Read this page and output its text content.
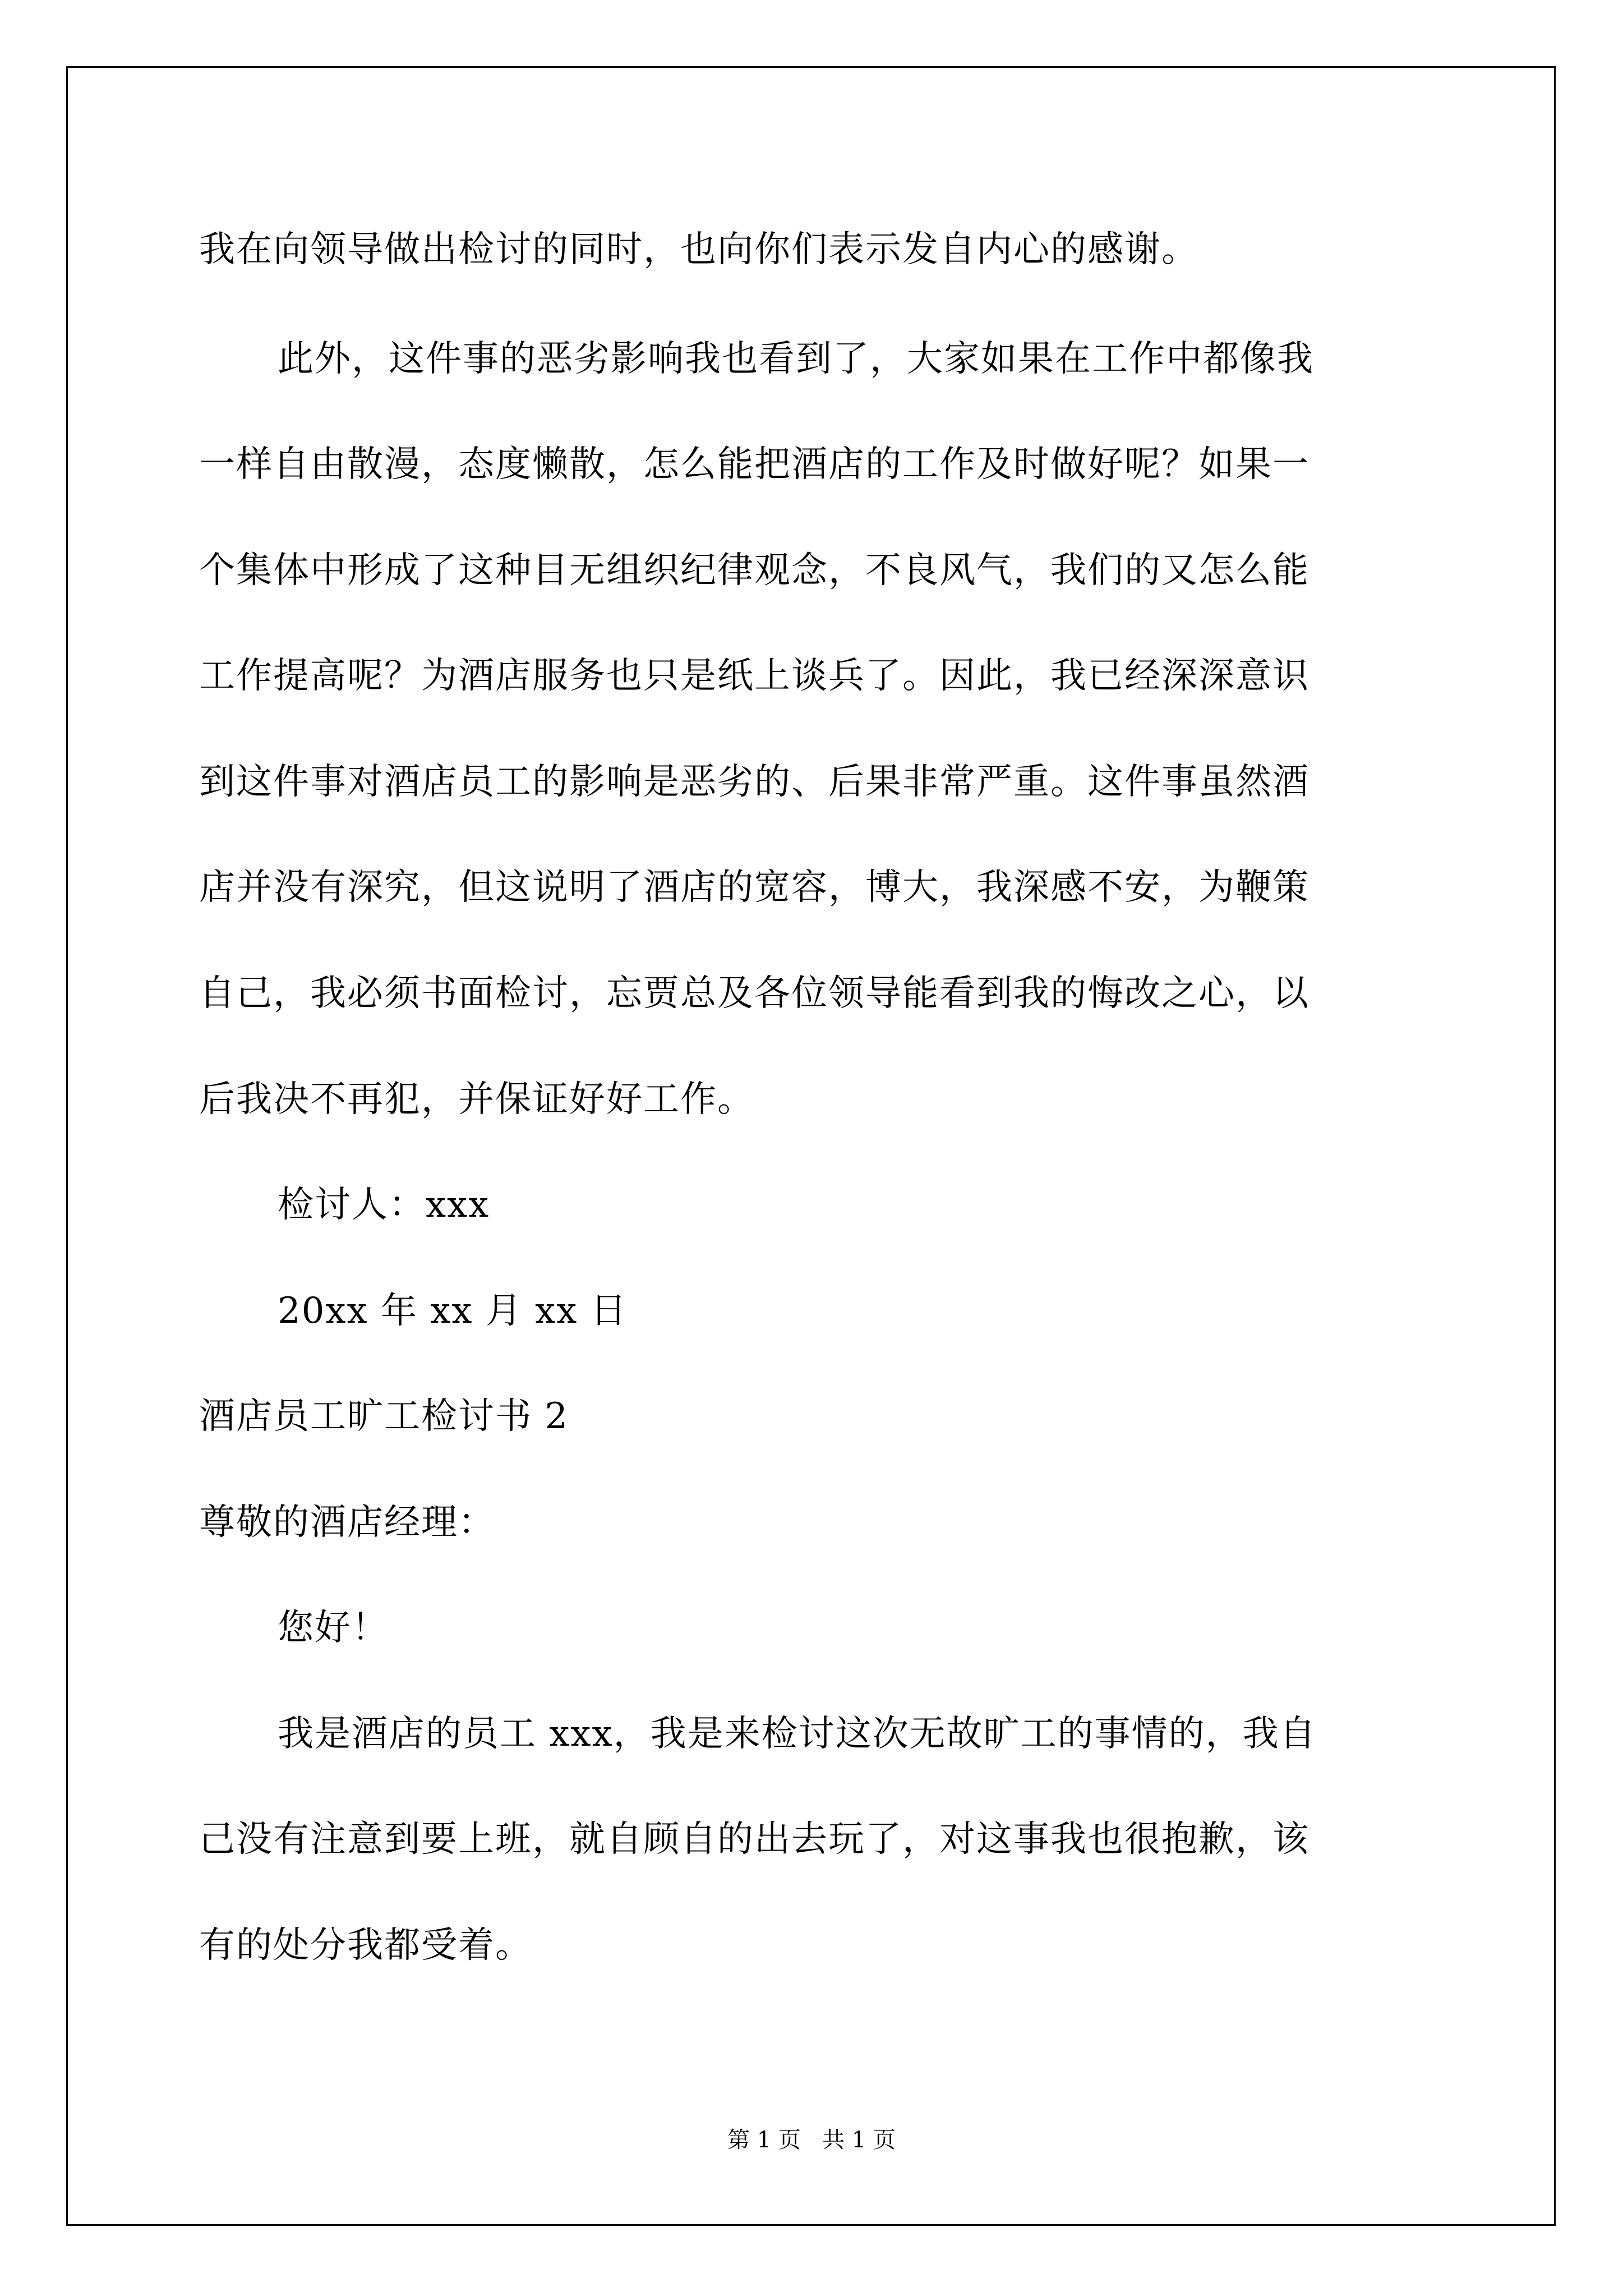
我在向领导做出检讨的同时，也向你们表示发自内心的感谢。
此外，这件事的恶劣影响我也看到了，大家如果在工作中都像我
一样自由散漫，态度懒散，怎么能把酒店的工作及时做好呢？如果一
个集体中形成了这种目无组织纪律观念，不良风气，我们的又怎么能
工作提高呢？为酒店服务也只是纸上谈兵了。因此，我已经深深意识
到这件事对酒店员工的影响是恶劣的、后果非常严重。这件事虽然酒
店并没有深究，但这说明了酒店的宽容，博大，我深感不安，为鞭策
自己，我必须书面检讨，忘贾总及各位领导能看到我的悔改之心，以
后我决不再犯，并保证好好工作。
检讨人：xxx
20xx 年 xx 月 xx 日
酒店员工旷工检讨书 2
尊敬的酒店经理：
您好！
我是酒店的员工 xxx，我是来检讨这次无故旷工的事情的，我自
己没有注意到要上班，就自顾自的出去玩了，对这事我也很抱歉，该
有的处分我都受着。
第 1 页   共 1 页
